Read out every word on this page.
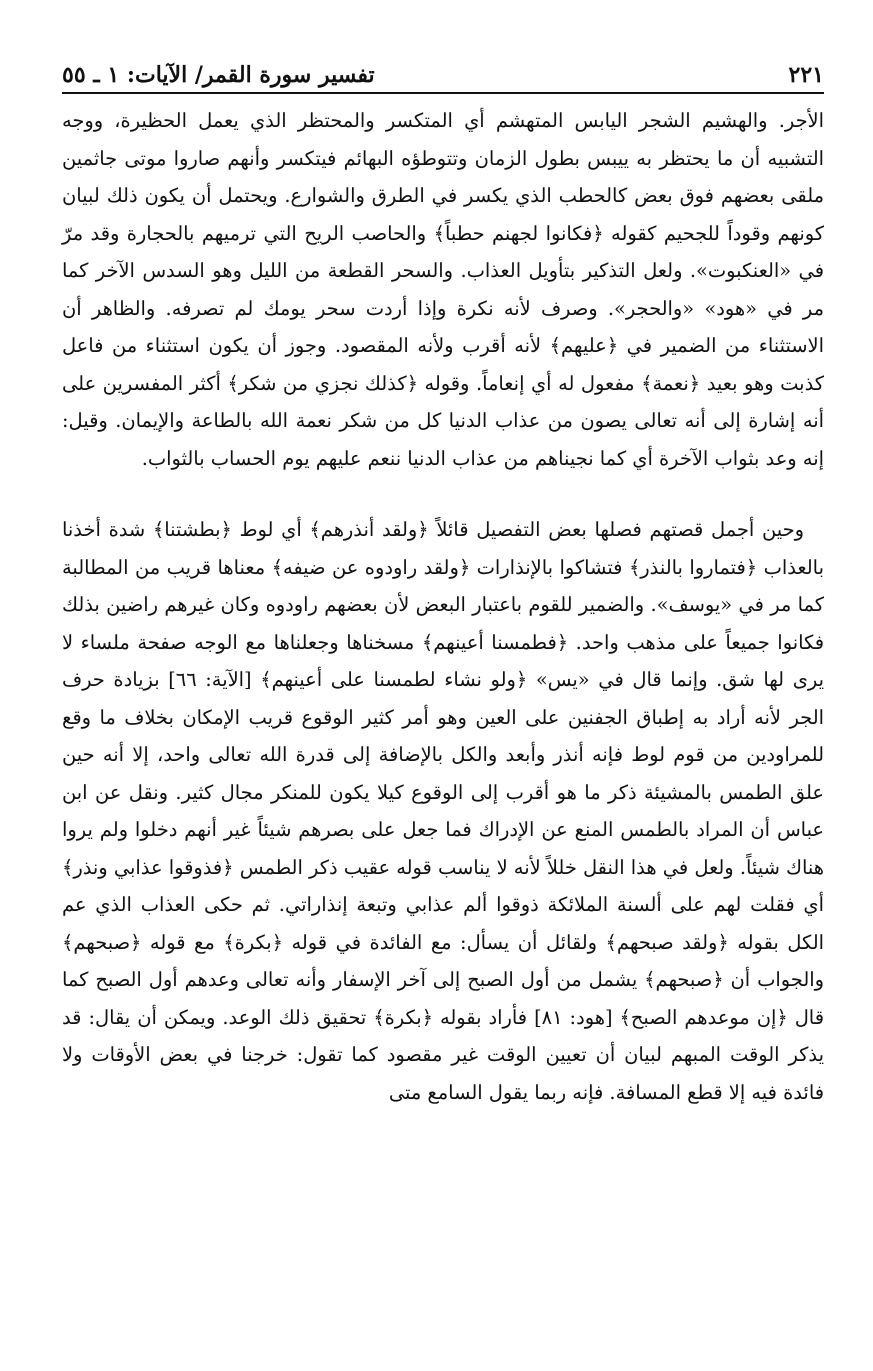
تفسير سورة القمر/ الآيات: ١ ـ ٥٥	٢٢١

الأجر. والهشيم الشجر اليابس المتهشم أي المتكسر والمحتظر الذي يعمل الحظيرة، ووجه التشبيه أن ما يحتظر به ييبس بطول الزمان وتتوطؤه البهائم فيتكسر وأنهم صاروا موتى جاثمين ملقى بعضهم فوق بعض كالحطب الذي يكسر في الطرق والشوارع. ويحتمل أن يكون ذلك لبيان كونهم وقوداً للجحيم كقوله ﴿فكانوا لجهنم حطباً﴾ والحاصب الريح التي ترميهم بالحجارة وقد مرّ في «العنكبوت». ولعل التذكير بتأويل العذاب. والسحر القطعة من الليل وهو السدس الآخر كما مر في «هود» «والحجر». وصرف لأنه نكرة وإذا أردت سحر يومك لم تصرفه. والظاهر أن الاستثناء من الضمير في ﴿عليهم﴾ لأنه أقرب ولأنه المقصود. وجوز أن يكون استثناء من فاعل كذبت وهو بعيد ﴿نعمة﴾ مفعول له أي إنعاماً. وقوله ﴿كذلك نجزي من شكر﴾ أكثر المفسرين على أنه إشارة إلى أنه تعالى يصون من عذاب الدنيا كل من شكر نعمة الله بالطاعة والإيمان. وقيل: إنه وعد بثواب الآخرة أي كما نجيناهم من عذاب الدنيا ننعم عليهم يوم الحساب بالثواب.

وحين أجمل قصتهم فصلها بعض التفصيل قائلاً ﴿ولقد أنذرهم﴾ أي لوط ﴿بطشتنا﴾ شدة أخذنا بالعذاب ﴿فتماروا بالنذر﴾ فتشاكوا بالإنذارات ﴿ولقد راودوه عن ضيفه﴾ معناها قريب من المطالبة كما مر في «يوسف». والضمير للقوم باعتبار البعض لأن بعضهم راودوه وكان غيرهم راضين بذلك فكانوا جميعاً على مذهب واحد. ﴿فطمسنا أعينهم﴾ مسخناها وجعلناها مع الوجه صفحة ملساء لا يرى لها شق. وإنما قال في «يس» ﴿ولو نشاء لطمسنا على أعينهم﴾ [الآية: ٦٦] بزيادة حرف الجر لأنه أراد به إطباق الجفنين على العين وهو أمر كثير الوقوع قريب الإمكان بخلاف ما وقع للمراودين من قوم لوط فإنه أنذر وأبعد والكل بالإضافة إلى قدرة الله تعالى واحد، إلا أنه حين علق الطمس بالمشيئة ذكر ما هو أقرب إلى الوقوع كيلا يكون للمنكر مجال كثير. ونقل عن ابن عباس أن المراد بالطمس المنع عن الإدراك فما جعل على بصرهم شيئاً غير أنهم دخلوا ولم يروا هناك شيئاً. ولعل في هذا النقل خللاً لأنه لا يناسب قوله عقيب ذكر الطمس ﴿فذوقوا عذابي ونذر﴾ أي فقلت لهم على ألسنة الملائكة ذوقوا ألم عذابي وتبعة إنذاراتي. ثم حكى العذاب الذي عم الكل بقوله ﴿ولقد صبحهم﴾ ولقائل أن يسأل: مع الفائدة في قوله ﴿بكرة﴾ مع قوله ﴿صبحهم﴾ والجواب أن ﴿صبحهم﴾ يشمل من أول الصبح إلى آخر الإسفار وأنه تعالى وعدهم أول الصبح كما قال ﴿إن موعدهم الصبح﴾ [هود: ٨١] فأراد بقوله ﴿بكرة﴾ تحقيق ذلك الوعد. ويمكن أن يقال: قد يذكر الوقت المبهم لبيان أن تعيين الوقت غير مقصود كما تقول: خرجنا في بعض الأوقات ولا فائدة فيه إلا قطع المسافة. فإنه ربما يقول السامع متى
